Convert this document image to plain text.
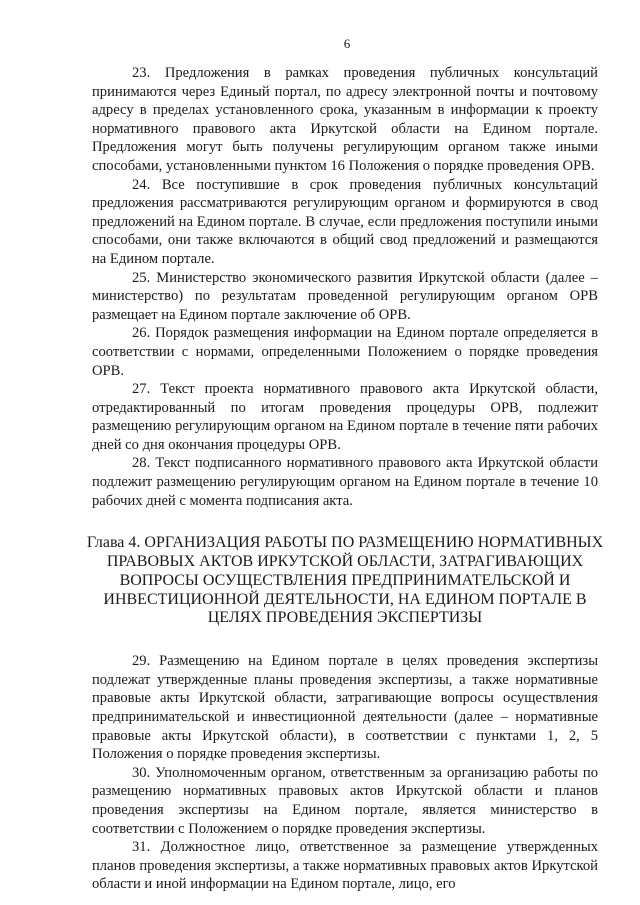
6

23. Предложения в рамках проведения публичных консультаций принимаются через Единый портал, по адресу электронной почты и почтовому адресу в пределах установленного срока, указанным в информации к проекту нормативного правового акта Иркутской области на Едином портале. Предложения могут быть получены регулирующим органом также иными способами, установленными пунктом 16 Положения о порядке проведения ОРВ.

24. Все поступившие в срок проведения публичных консультаций предложения рассматриваются регулирующим органом и формируются в свод предложений на Едином портале. В случае, если предложения поступили иными способами, они также включаются в общий свод предложений и размещаются на Едином портале.

25. Министерство экономического развития Иркутской области (далее – министерство) по результатам проведенной регулирующим органом ОРВ размещает на Едином портале заключение об ОРВ.

26. Порядок размещения информации на Едином портале определяется в соответствии с нормами, определенными Положением о порядке проведения ОРВ.

27. Текст проекта нормативного правового акта Иркутской области, отредактированный по итогам проведения процедуры ОРВ, подлежит размещению регулирующим органом на Едином портале в течение пяти рабочих дней со дня окончания процедуры ОРВ.

28. Текст подписанного нормативного правового акта Иркутской области подлежит размещению регулирующим органом на Едином портале в течение 10 рабочих дней с момента подписания акта.

Глава 4. ОРГАНИЗАЦИЯ РАБОТЫ ПО РАЗМЕЩЕНИЮ НОРМАТИВНЫХ ПРАВОВЫХ АКТОВ ИРКУТСКОЙ ОБЛАСТИ, ЗАТРАГИВАЮЩИХ ВОПРОСЫ ОСУЩЕСТВЛЕНИЯ ПРЕДПРИНИМАТЕЛЬСКОЙ И ИНВЕСТИЦИОННОЙ ДЕЯТЕЛЬНОСТИ, НА ЕДИНОМ ПОРТАЛЕ В ЦЕЛЯХ ПРОВЕДЕНИЯ ЭКСПЕРТИЗЫ

29. Размещению на Едином портале в целях проведения экспертизы подлежат утвержденные планы проведения экспертизы, а также нормативные правовые акты Иркутской области, затрагивающие вопросы осуществления предпринимательской и инвестиционной деятельности (далее – нормативные правовые акты Иркутской области), в соответствии с пунктами 1, 2, 5 Положения о порядке проведения экспертизы.

30. Уполномоченным органом, ответственным за организацию работы по размещению нормативных правовых актов Иркутской области и планов проведения экспертизы на Едином портале, является министерство в соответствии с Положением о порядке проведения экспертизы.

31. Должностное лицо, ответственное за размещение утвержденных планов проведения экспертизы, а также нормативных правовых актов Иркутской области и иной информации на Едином портале, лицо, его
